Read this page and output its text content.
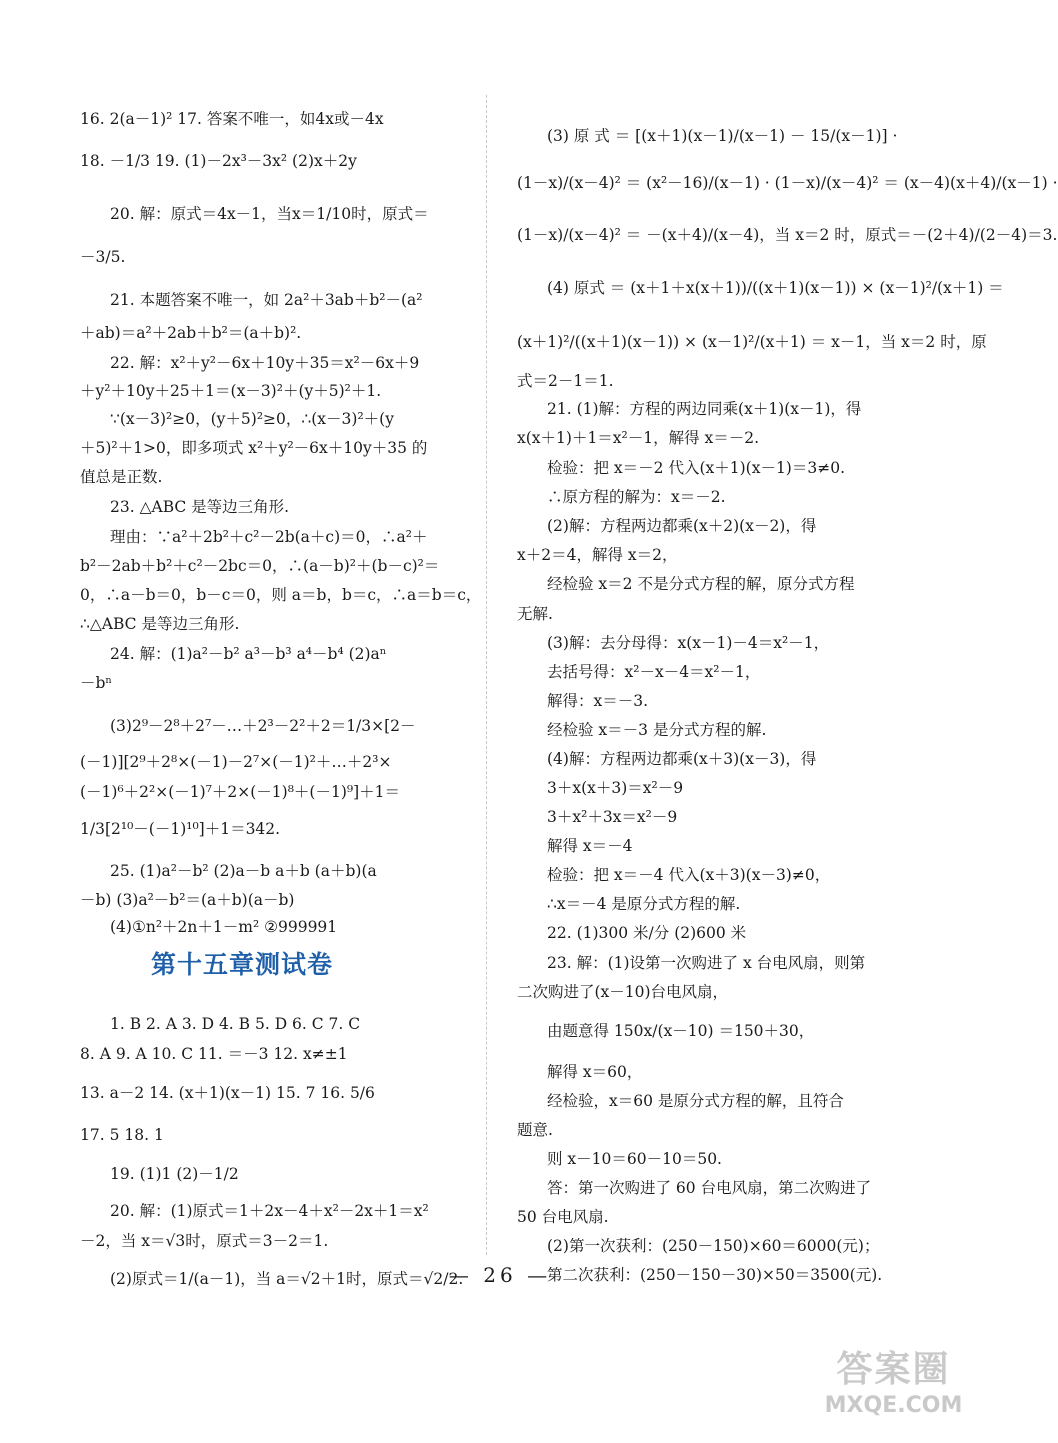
16. 2(a－1)² 17. 答案不唯一，如4x或－4x
18. －1/3 19. (1)－2x³－3x² (2)x＋2y
20. 解：原式＝4x－1，当x＝1/10时，原式＝
－3/5.
21. 本题答案不唯一，如 2a²＋3ab＋b²－(a²
＋ab)＝a²＋2ab＋b²＝(a＋b)².
22. 解：x²＋y²－6x＋10y＋35＝x²－6x＋9
＋y²＋10y＋25＋1＝(x－3)²＋(y＋5)²＋1.
∵(x－3)²≥0，(y＋5)²≥0，∴(x－3)²＋(y
＋5)²＋1>0，即多项式 x²＋y²－6x＋10y＋35 的
值总是正数.
23. △ABC 是等边三角形.
理由：∵a²＋2b²＋c²－2b(a＋c)＝0，∴a²＋
b²－2ab＋b²＋c²－2bc＝0，∴(a－b)²＋(b－c)²＝
0，∴a－b＝0，b－c＝0，则 a＝b，b＝c，∴a＝b＝c，
∴△ABC 是等边三角形.
24. 解：(1)a²－b² a³－b³ a⁴－b⁴ (2)aⁿ
－bⁿ
(3)2⁹－2⁸＋2⁷－…＋2³－2²＋2＝1/3×[2－
(－1)][2⁹＋2⁸×(－1)－2⁷×(－1)²＋…＋2³×
(－1)⁶＋2²×(－1)⁷＋2×(－1)⁸＋(－1)⁹]＋1＝
1/3[2¹⁰－(－1)¹⁰]＋1＝342.
25. (1)a²－b² (2)a－b a＋b (a＋b)(a
－b) (3)a²－b²＝(a＋b)(a－b)
(4)①n²＋2n＋1－m² ②999991
1. B 2. A 3. D 4. B 5. D 6. C 7. C
8. A 9. A 10. C 11. ＝－3 12. x≠±1
13. a－2 14. (x＋1)(x－1) 15. 7 16. 5/6
17. 5 18. 1
19. (1)1 (2)－1/2
20. 解：(1)原式＝1＋2x－4＋x²－2x＋1＝x²
－2，当 x＝√3时，原式＝3－2＝1.
(2)原式＝1/(a－1)，当 a＝√2＋1时，原式＝√2/2.
第十五章测试卷
(3) 原 式 ＝ [(x＋1)(x－1)/(x－1) － 15/(x－1)] ·
(1－x)/(x－4)² ＝ (x²－16)/(x－1) · (1－x)/(x－4)² ＝ (x－4)(x＋4)/(x－1) ·
(1－x)/(x－4)² ＝ －(x＋4)/(x－4)，当 x＝2 时，原式＝－(2＋4)/(2－4)＝3.
(4) 原式 ＝ (x＋1＋x(x＋1))/((x＋1)(x－1)) × (x－1)²/(x＋1) ＝
(x＋1)²/((x＋1)(x－1)) × (x－1)²/(x＋1) ＝ x－1，当 x＝2 时，原
式＝2－1＝1.
21. (1)解：方程的两边同乘(x＋1)(x－1)，得
x(x＋1)＋1＝x²－1，解得 x＝－2.
检验：把 x＝－2 代入(x＋1)(x－1)＝3≠0.
∴原方程的解为：x＝－2.
(2)解：方程两边都乘(x＋2)(x－2)，得
x＋2＝4，解得 x＝2，
经检验 x＝2 不是分式方程的解，原分式方程
无解.
(3)解：去分母得：x(x－1)－4＝x²－1，
去括号得：x²－x－4＝x²－1，
解得：x＝－3.
经检验 x＝－3 是分式方程的解.
(4)解：方程两边都乘(x＋3)(x－3)，得
3＋x(x＋3)＝x²－9
3＋x²＋3x＝x²－9
解得 x＝－4
检验：把 x＝－4 代入(x＋3)(x－3)≠0，
∴x＝－4 是原分式方程的解.
22. (1)300 米/分 (2)600 米
23. 解：(1)设第一次购进了 x 台电风扇，则第
二次购进了(x－10)台电风扇，
由题意得 150x/(x－10) ＝150＋30，
解得 x＝60，
经检验，x＝60 是原分式方程的解，且符合
题意.
则 x－10＝60－10＝50.
答：第一次购进了 60 台电风扇，第二次购进了
50 台电风扇.
(2)第一次获利：(250－150)×60＝6000(元)；
第二次获利：(250－150－30)×50＝3500(元).
— 26 —
答案圈
MXQE.COM
